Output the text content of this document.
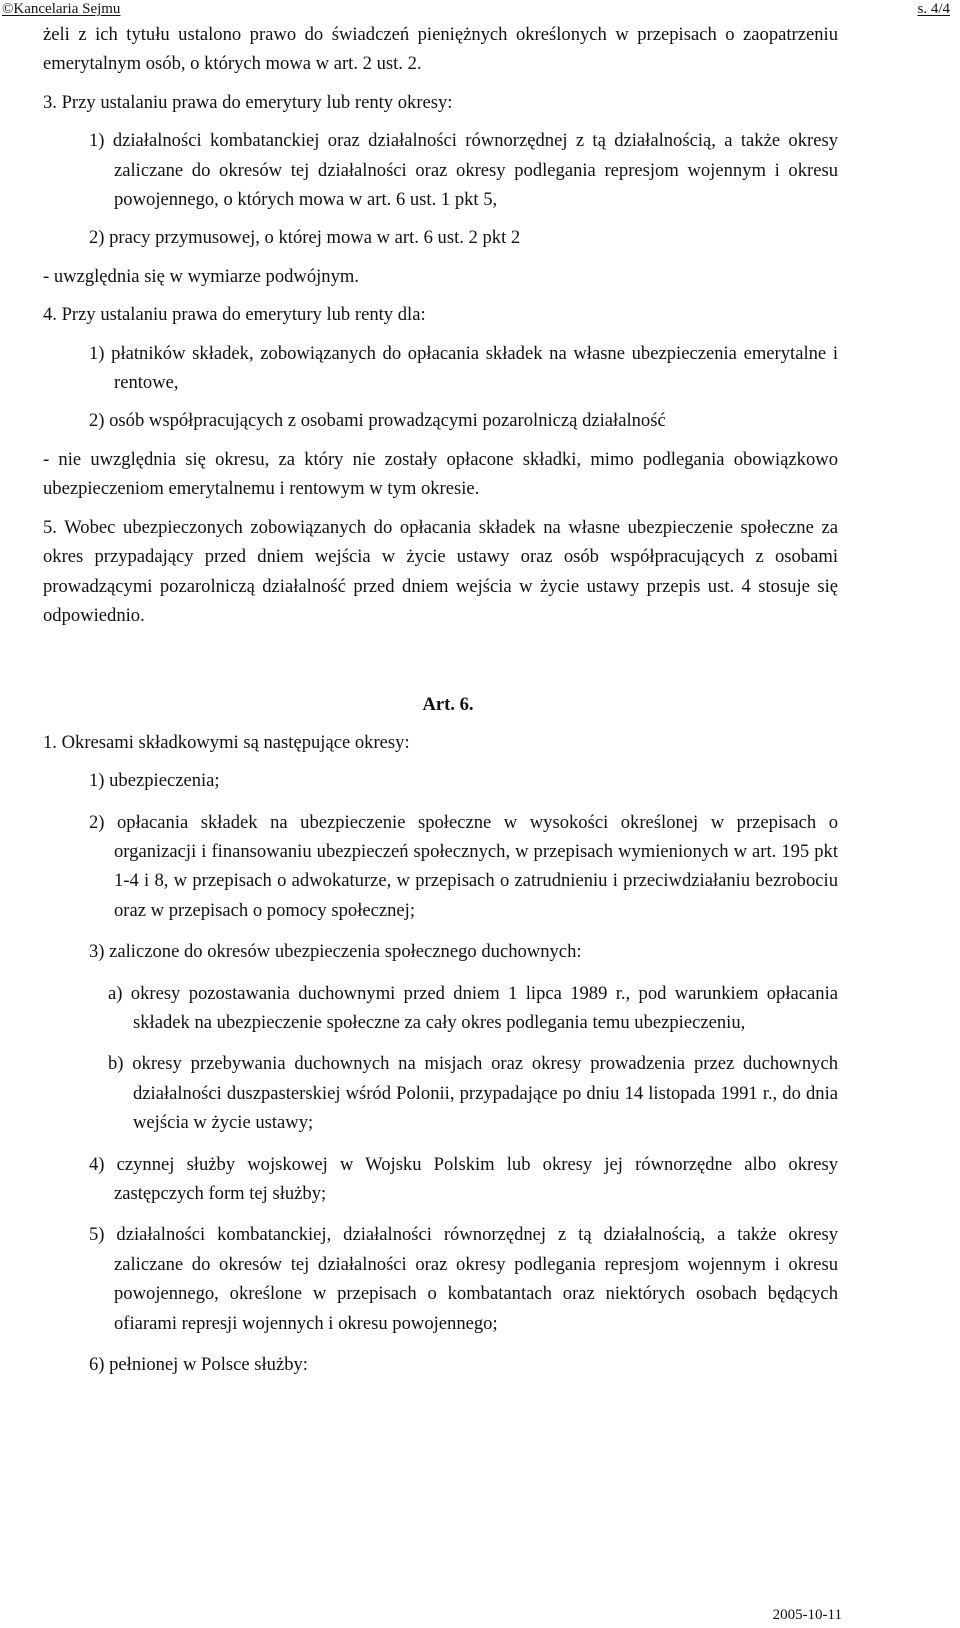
©Kancelaria Sejmu	s. 4/4

żeli z ich tytułu ustalono prawo do świadczeń pieniężnych określonych w przepisach o zaopatrzeniu emerytalnym osób, o których mowa w art. 2 ust. 2.

3. Przy ustalaniu prawa do emerytury lub renty okresy:

1) działalności kombatanckiej oraz działalności równorzędnej z tą działalnością, a także okresy zaliczane do okresów tej działalności oraz okresy podlegania represjom wojennym i okresu powojennego, o których mowa w art. 6 ust. 1 pkt 5,

2) pracy przymusowej, o której mowa w art. 6 ust. 2 pkt 2

- uwzględnia się w wymiarze podwójnym.

4. Przy ustalaniu prawa do emerytury lub renty dla:

1) płatników składek, zobowiązanych do opłacania składek na własne ubezpieczenia emerytalne i rentowe,

2) osób współpracujących z osobami prowadzącymi pozarolniczą działalność

- nie uwzględnia się okresu, za który nie zostały opłacone składki, mimo podlegania obowiązkowo ubezpieczeniom emerytalnemu i rentowym w tym okresie.

5. Wobec ubezpieczonych zobowiązanych do opłacania składek na własne ubezpieczenie społeczne za okres przypadający przed dniem wejścia w życie ustawy oraz osób współpracujących z osobami prowadzącymi pozarolniczą działalność przed dniem wejścia w życie ustawy przepis ust. 4 stosuje się odpowiednio.

Art. 6.

1. Okresami składkowymi są następujące okresy:

1) ubezpieczenia;

2) opłacania składek na ubezpieczenie społeczne w wysokości określonej w przepisach o organizacji i finansowaniu ubezpieczeń społecznych, w przepisach wymienionych w art. 195 pkt 1-4 i 8, w przepisach o adwokaturze, w przepisach o zatrudnieniu i przeciwdziałaniu bezrobociu oraz w przepisach o pomocy społecznej;

3) zaliczone do okresów ubezpieczenia społecznego duchownych:

a) okresy pozostawania duchownymi przed dniem 1 lipca 1989 r., pod warunkiem opłacania składek na ubezpieczenie społeczne za cały okres podlegania temu ubezpieczeniu,

b) okresy przebywania duchownych na misjach oraz okresy prowadzenia przez duchownych działalności duszpasterskiej wśród Polonii, przypadające po dniu 14 listopada 1991 r., do dnia wejścia w życie ustawy;

4) czynnej służby wojskowej w Wojsku Polskim lub okresy jej równorzędne albo okresy zastępczych form tej służby;

5) działalności kombatanckiej, działalności równorzędnej z tą działalnością, a także okresy zaliczane do okresów tej działalności oraz okresy podlegania represjom wojennym i okresu powojennego, określone w przepisach o kombatantach oraz niektórych osobach będących ofiarami represji wojennych i okresu powojennego;

6) pełnionej w Polsce służby:

2005-10-11
